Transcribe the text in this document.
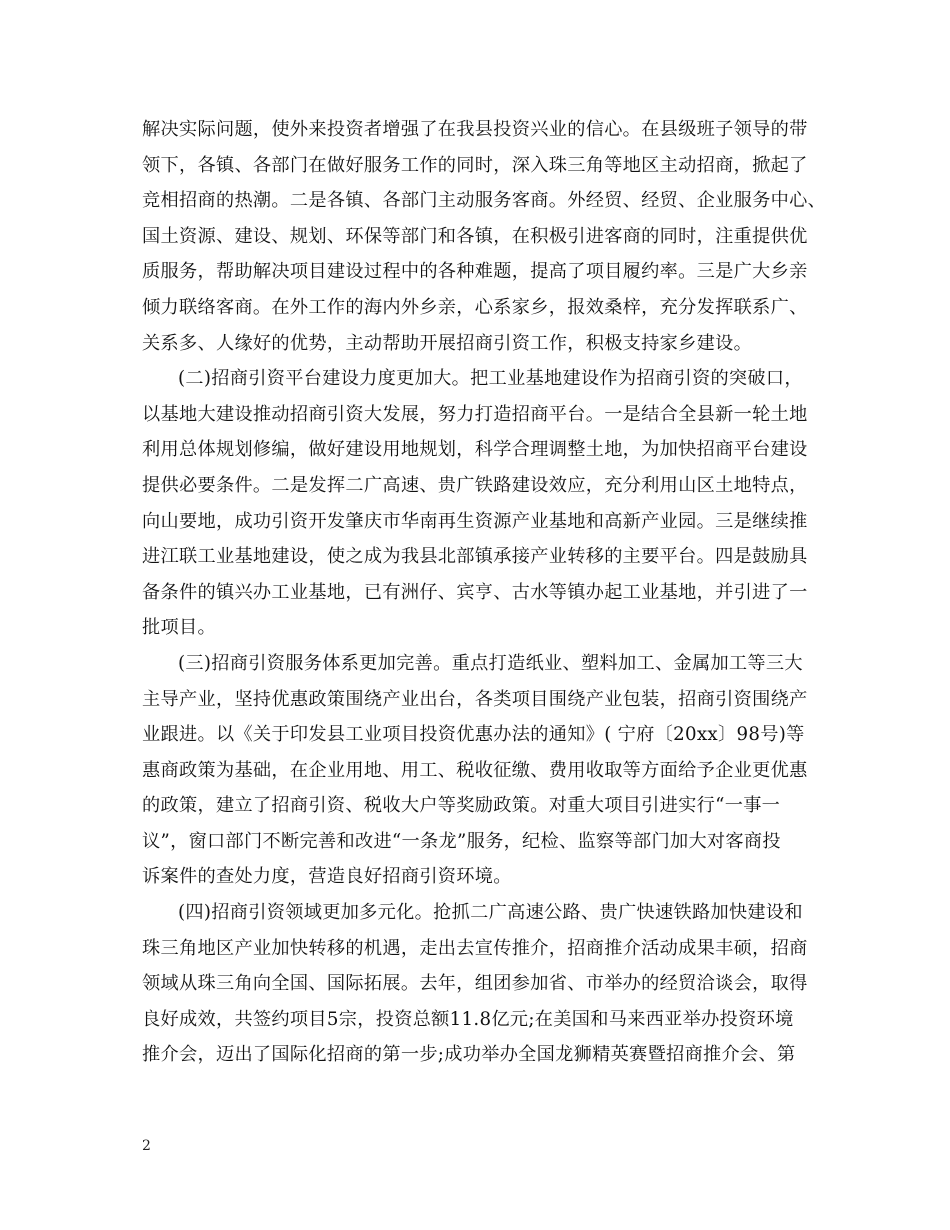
解决实际问题，使外来投资者增强了在我县投资兴业的信心。在县级班子领导的带

领下，各镇、各部门在做好服务工作的同时，深入珠三角等地区主动招商，掀起了

竞相招商的热潮。二是各镇、各部门主动服务客商。外经贸、经贸、企业服务中心、

国土资源、建设、规划、环保等部门和各镇，在积极引进客商的同时，注重提供优

质服务，帮助解决项目建设过程中的各种难题，提高了项目履约率。三是广大乡亲

倾力联络客商。在外工作的海内外乡亲，心系家乡，报效桑梓，充分发挥联系广、

关系多、人缘好的优势，主动帮助开展招商引资工作，积极支持家乡建设。

(二)招商引资平台建设力度更加大。把工业基地建设作为招商引资的突破口，

以基地大建设推动招商引资大发展，努力打造招商平台。一是结合全县新一轮土地

利用总体规划修编，做好建设用地规划，科学合理调整土地，为加快招商平台建设

提供必要条件。二是发挥二广高速、贵广铁路建设效应，充分利用山区土地特点，

向山要地，成功引资开发肇庆市华南再生资源产业基地和高新产业园。三是继续推

进江联工业基地建设，使之成为我县北部镇承接产业转移的主要平台。四是鼓励具

备条件的镇兴办工业基地，已有洲仔、宾亨、古水等镇办起工业基地，并引进了一

批项目。

(三)招商引资服务体系更加完善。重点打造纸业、塑料加工、金属加工等三大

主导产业，坚持优惠政策围绕产业出台，各类项目围绕产业包装，招商引资围绕产

业跟进。以《关于印发县工业项目投资优惠办法的通知》( 宁府〔20xx〕98号)等

惠商政策为基础，在企业用地、用工、税收征缴、费用收取等方面给予企业更优惠

的政策，建立了招商引资、税收大户等奖励政策。对重大项目引进实行“一事一

议”，窗口部门不断完善和改进“一条龙”服务，纪检、监察等部门加大对客商投

诉案件的查处力度，营造良好招商引资环境。

(四)招商引资领域更加多元化。抢抓二广高速公路、贵广快速铁路加快建设和

珠三角地区产业加快转移的机遇，走出去宣传推介，招商推介活动成果丰硕，招商

领域从珠三角向全国、国际拓展。去年，组团参加省、市举办的经贸洽谈会，取得

良好成效，共签约项目5宗，投资总额11.8亿元;在美国和马来西亚举办投资环境

推介会，迈出了国际化招商的第一步;成功举办全国龙狮精英赛暨招商推介会、第

2
